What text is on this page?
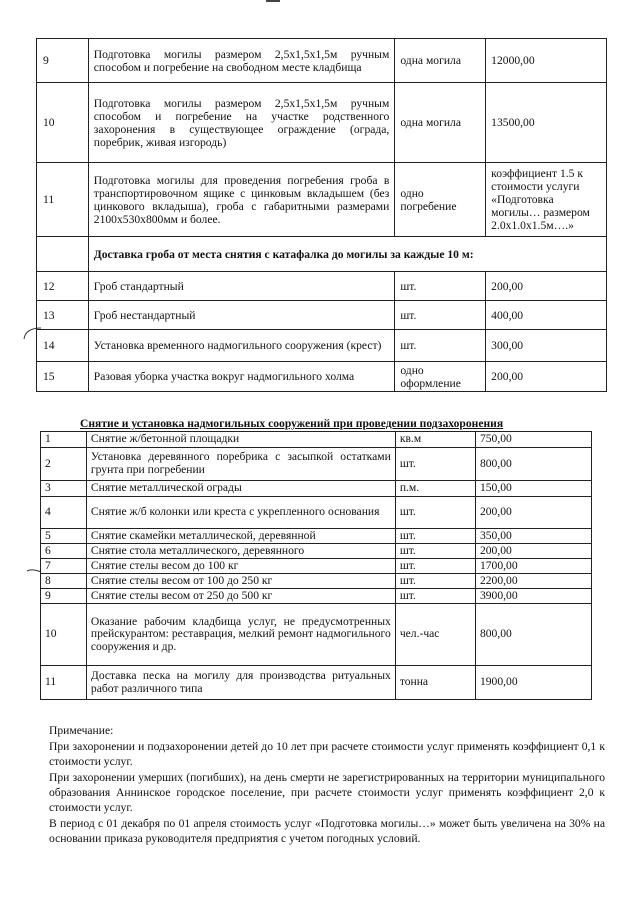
9	Подготовка могилы размером 2,5х1,5х1,5м ручным способом и погребение на свободном месте кладбища	одна могила	12000,00
10	Подготовка могилы размером 2,5х1,5х1,5м ручным способом и погребение на участке родственного захоронения в существующее ограждение (ограда, поребрик, живая изгородь)	одна могила	13500,00
11	Подготовка могилы для проведения погребения гроба в транспортировочном ящике с цинковым вкладышем (без цинкового вкладыша), гроба с габаритными размерами 2100х530х800мм и более.	одно погребение	коэффициент 1.5 к стоимости услуги «Подготовка могилы… размером 2.0х1.0х1.5м….»
	Доставка гроба от места снятия с катафалка до могилы за каждые 10 м:		
12	Гроб стандартный	шт.	200,00
13	Гроб нестандартный	шт.	400,00
14	Установка временного надмогильного сооружения (крест)	шт.	300,00
15	Разовая уборка участка вокруг надмогильного холма	одно оформление	200,00
Снятие и установка надмогильных сооружений при проведении подзахоронения
1	Снятие ж/бетонной площадки	кв.м	750,00
2	Установка деревянного поребрика с засыпкой остатками грунта при погребении	шт.	800,00
3	Снятие металлической ограды	п.м.	150,00
4	Снятие ж/б колонки или креста с укрепленного основания	шт.	200,00
5	Снятие скамейки металлической, деревянной	шт.	350,00
6	Снятие стола металлического, деревянного	шт.	200,00
7	Снятие стелы весом до 100 кг	шт.	1700,00
8	Снятие стелы весом от 100 до 250 кг	шт.	2200,00
9	Снятие стелы весом от 250 до 500 кг	шт.	3900,00
10	Оказание рабочим кладбища услуг, не предусмотренных прейскурантом: реставрация, мелкий ремонт надмогильного сооружения и др.	чел.-час	800,00
11	Доставка песка на могилу для производства ритуальных работ различного типа	тонна	1900,00

Примечание:

При захоронении и подзахоронении детей до 10 лет при расчете стоимости услуг применять коэффициент 0,1 к стоимости услуг.

При захоронении умерших (погибших), на день смерти не зарегистрированных на территории муниципального образования Аннинское городское поселение, при расчете стоимости услуг применять коэффициент 2,0 к стоимости услуг.

В период с 01 декабря по 01 апреля стоимость услуг «Подготовка могилы…» может быть увеличена на 30% на основании приказа руководителя предприятия с учетом погодных условий.
